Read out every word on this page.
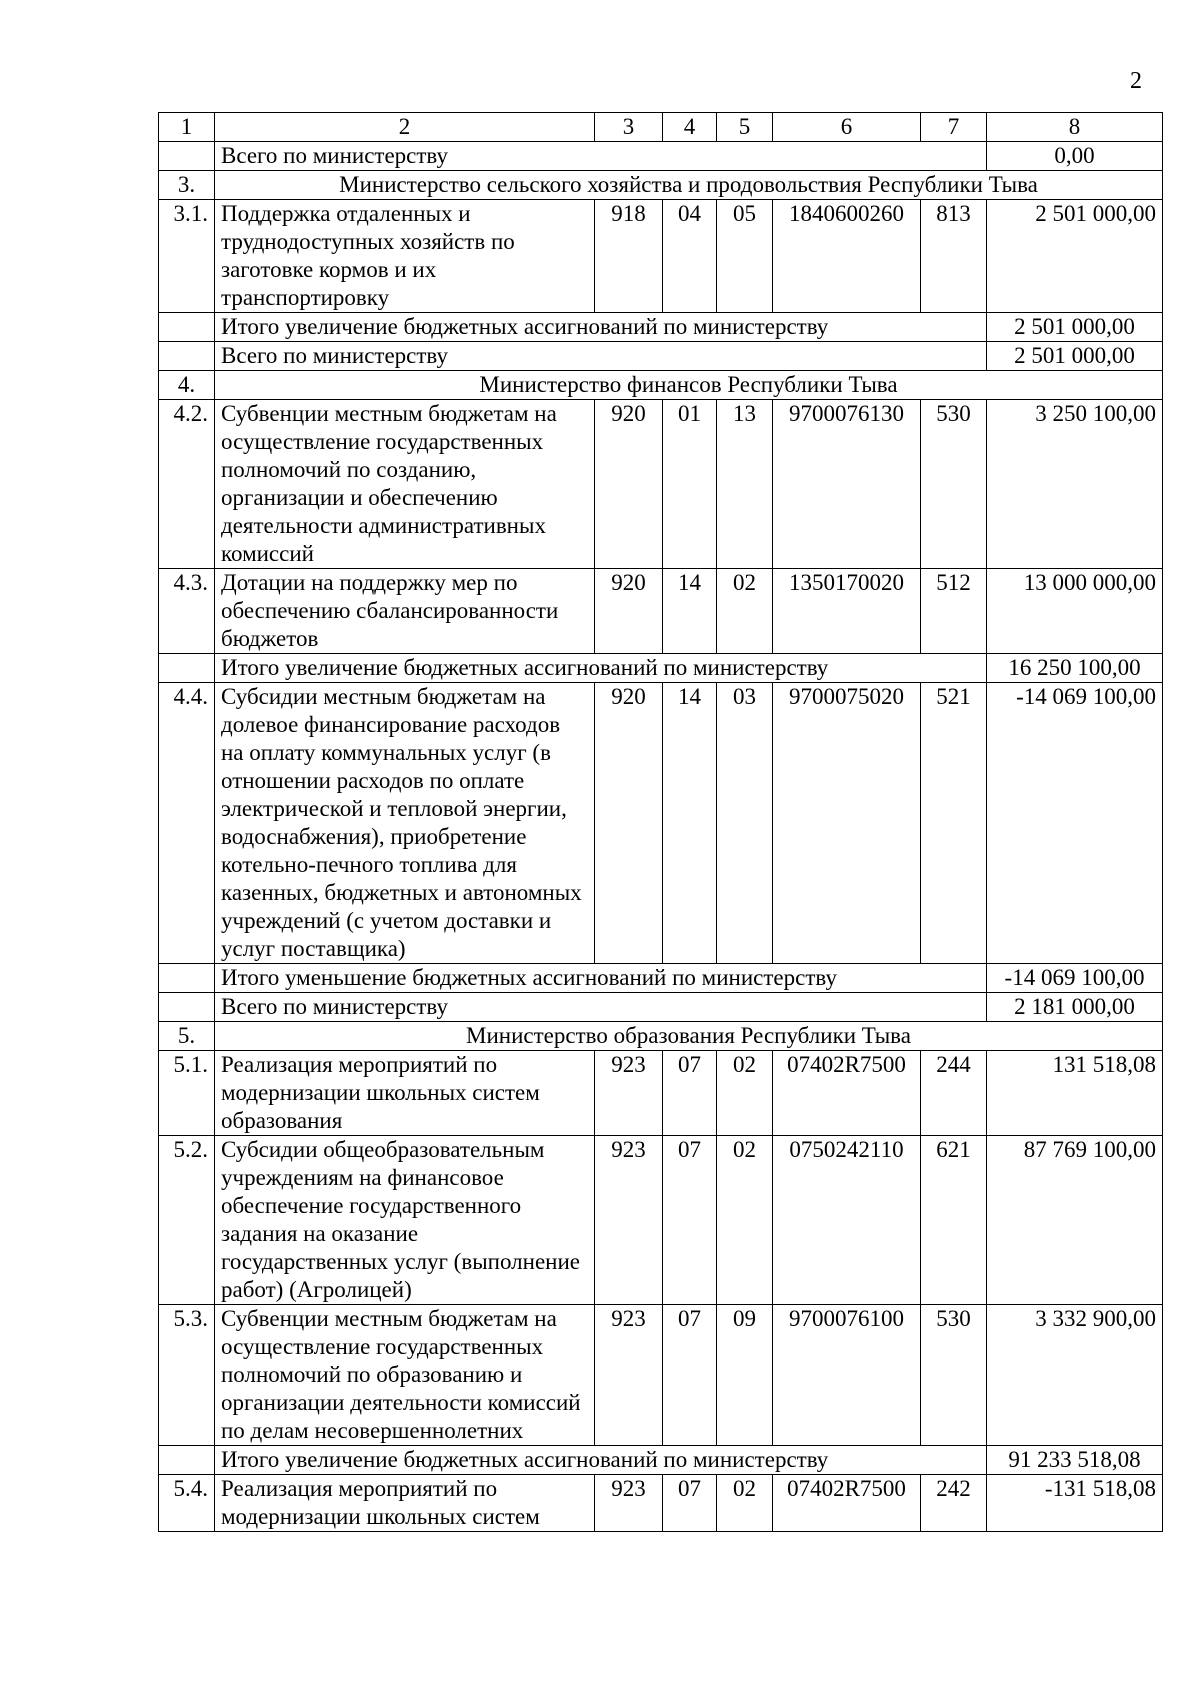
2
1	2	3	4	5	6	7	8
	Всего по министерству						0,00
3.	Министерство сельского хозяйства и продовольствия Республики Тыва						
3.1.	Поддержка отдаленных и труднодоступных хозяйств по заготовке кормов и их транспортировку	918	04	05	1840600260	813	2 501 000,00
	Итого увеличение бюджетных ассигнований по министерству						2 501 000,00
	Всего по министерству						2 501 000,00
4.	Министерство финансов Республики Тыва						
4.2.	Субвенции местным бюджетам на осуществление государственных полномочий по созданию, организации и обеспечению деятельности административных комиссий	920	01	13	9700076130	530	3 250 100,00
4.3.	Дотации на поддержку мер по обеспечению сбалансированности бюджетов	920	14	02	1350170020	512	13 000 000,00
	Итого увеличение бюджетных ассигнований по министерству						16 250 100,00
4.4.	Субсидии местным бюджетам на долевое финансирование расходов на оплату коммунальных услуг (в отношении расходов по оплате электрической и тепловой энергии, водоснабжения), приобретение котельно-печного топлива для казенных, бюджетных и автономных учреждений (с учетом доставки и услуг поставщика)	920	14	03	9700075020	521	-14 069 100,00
	Итого уменьшение бюджетных ассигнований по министерству						-14 069 100,00
	Всего по министерству						2 181 000,00
5.	Министерство образования Республики Тыва						
5.1.	Реализация мероприятий по модернизации школьных систем образования	923	07	02	07402R7500	244	131 518,08
5.2.	Субсидии общеобразовательным учреждениям на финансовое обеспечение государственного задания на оказание государственных услуг (выполнение работ) (Агролицей)	923	07	02	0750242110	621	87 769 100,00
5.3.	Субвенции местным бюджетам на осуществление государственных полномочий по образованию и организации деятельности комиссий по делам несовершеннолетних	923	07	09	9700076100	530	3 332 900,00
	Итого увеличение бюджетных ассигнований по министерству						91 233 518,08
5.4.	Реализация мероприятий по модернизации школьных систем	923	07	02	07402R7500	242	-131 518,08
